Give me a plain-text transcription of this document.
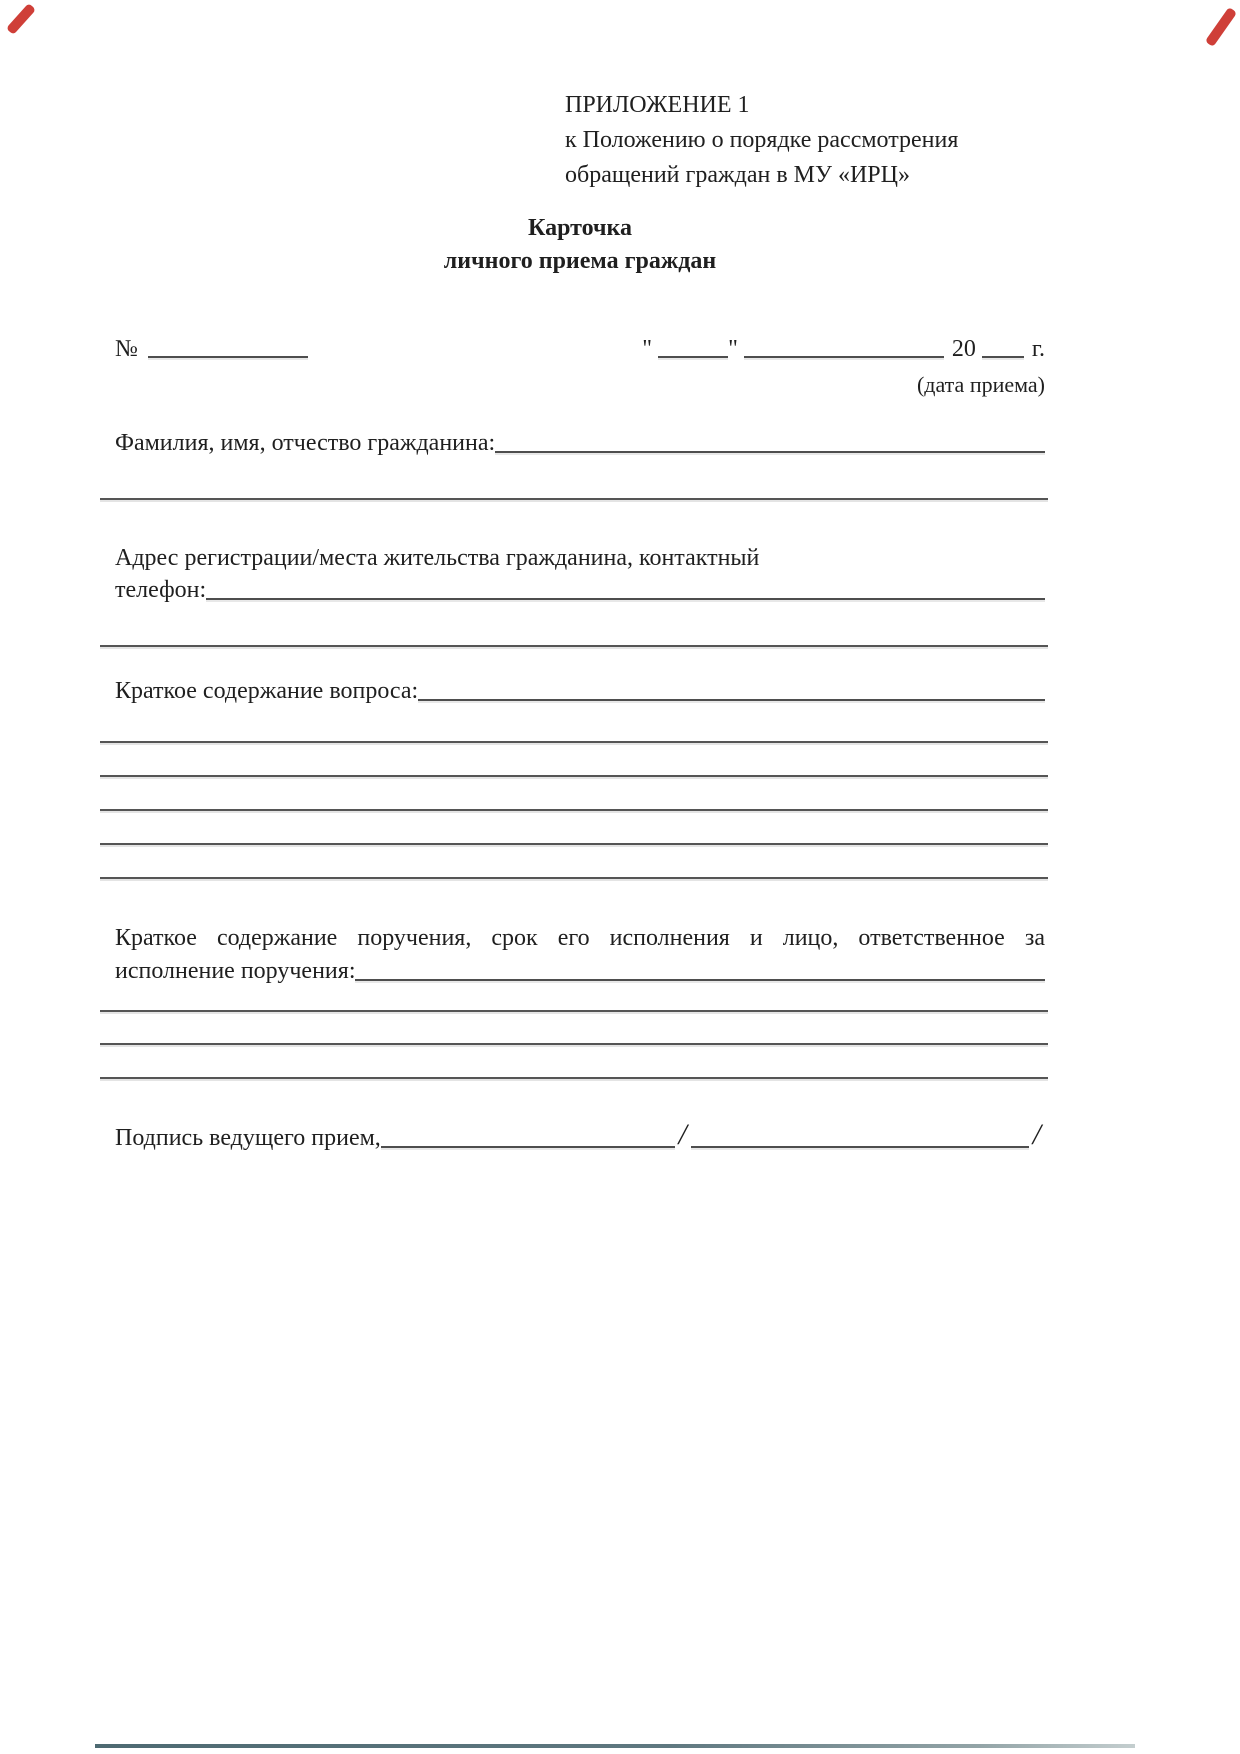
ПРИЛОЖЕНИЕ 1
к Положению о порядке рассмотрения
обращений граждан в МУ «ИРЦ»
Карточка
личного приема граждан
№	"	"	20 г.
(дата приема)
Фамилия, имя, отчество гражданина:
Адрес регистрации/места жительства гражданина, контактный
телефон:
Краткое содержание вопроса:
Краткое содержание поручения, срок его исполнения и лицо, ответственное за
исполнение поручения:
Подпись ведущего прием,	/	/
